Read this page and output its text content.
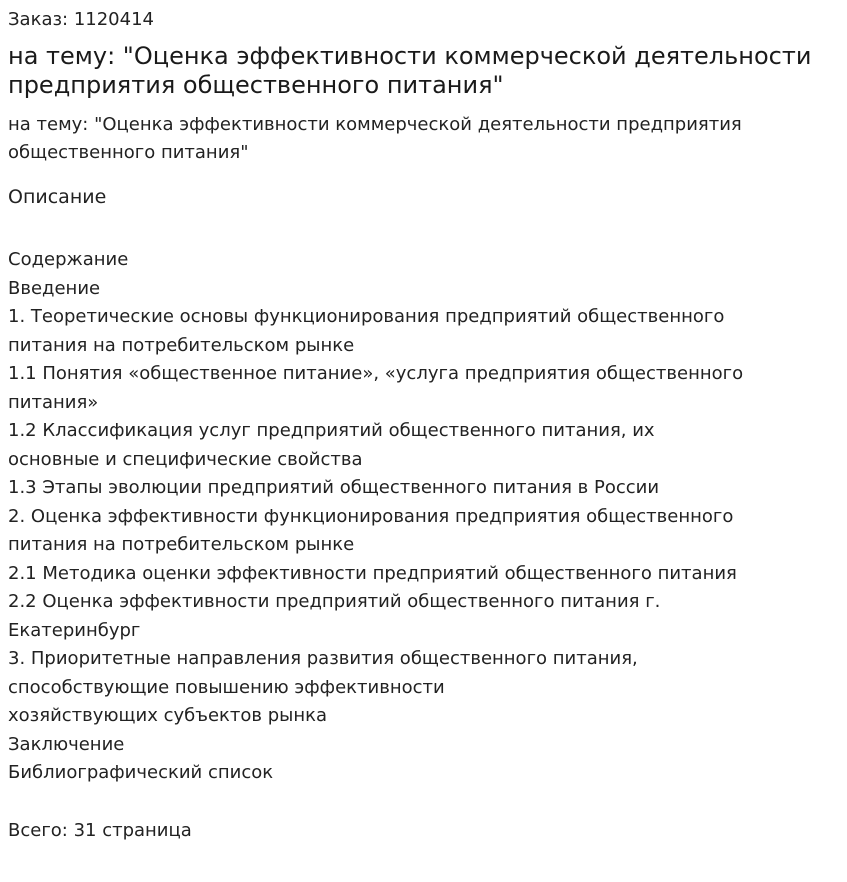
Заказ: 1120414

на тему: "Оценка эффективности коммерческой деятельности предприятия общественного питания"

на тему: "Оценка эффективности коммерческой деятельности предприятия общественного питания"

Описание

Содержание
Введение
1. Теоретические основы функционирования предприятий общественного
питания на потребительском рынке
1.1 Понятия «общественное питание», «услуга предприятия общественного
питания»
1.2 Классификация услуг предприятий общественного питания, их
основные и специфические свойства
1.3 Этапы эволюции предприятий общественного питания в России
2. Оценка эффективности функционирования предприятия общественного
питания на потребительском рынке
2.1 Методика оценки эффективности предприятий общественного питания
2.2 Оценка эффективности предприятий общественного питания г.
Екатеринбург
3. Приоритетные направления развития общественного питания,
способствующие повышению эффективности
хозяйствующих субъектов рынка
Заключение
Библиографический список

Всего: 31 страница
